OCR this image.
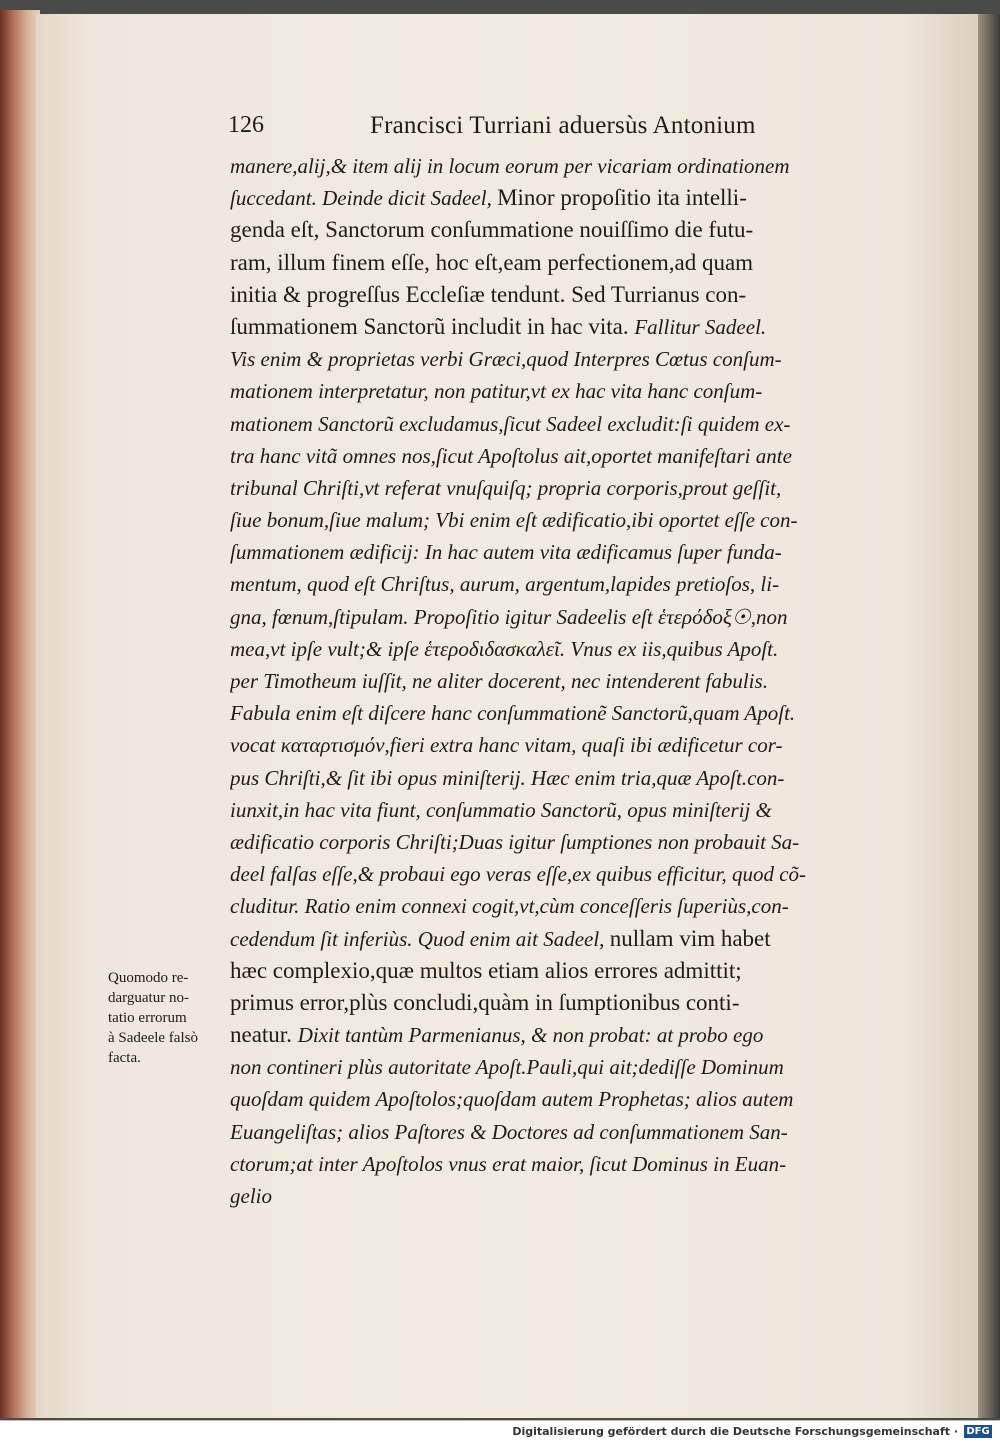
126	Francisci Turriani aduersùs Antonium
manere,alij,& item alij in locum eorum per vicariam ordinationem
ſuccedant. Deinde dicit Sadeel, Minor propoſitio ita intelli-
genda eſt, Sanctorum conſummatione nouiſſimo die futu-
ram, illum finem eſſe, hoc eſt,eam perfectionem,ad quam
initia & progreſſus Eccleſiæ tendunt. Sed Turrianus con-
ſummationem Sanctorũ includit in hac vita. Fallitur Sadeel.
Vis enim & proprietas verbi Græci,quod Interpres Cœtus conſum-
mationem interpretatur, non patitur,vt ex hac vita hanc conſum-
mationem Sanctorũ excludamus,ſicut Sadeel excludit:ſi quidem ex-
tra hanc vitã omnes nos,ſicut Apoſtolus ait,oportet manifeſtari ante
tribunal Chriſti,vt referat vnuſquiſq; propria corporis,prout geſſit,
ſiue bonum,ſiue malum; Vbi enim eſt ædificatio,ibi oportet eſſe con-
ſummationem ædificij: In hac autem vita ædificamus ſuper funda-
mentum, quod eſt Chriſtus, aurum, argentum,lapides pretioſos, li-
gna, fœnum,ſtipulam. Propoſitio igitur Sadeelis eſt ἑτερόδοξ☉,non
mea,vt ipſe vult;& ipſe ἑτεροδιδασκαλεῖ. Vnus ex iis,quibus Apoſt.
per Timotheum iuſſit, ne aliter docerent, nec intenderent fabulis.
Fabula enim eſt diſcere hanc conſummationẽ Sanctorũ,quam Apoſt.
vocat καταρτισμόν,fieri extra hanc vitam, quaſi ibi ædificetur cor-
pus Chriſti,& ſit ibi opus miniſterij. Hæc enim tria,quæ Apoſt.con-
iunxit,in hac vita fiunt, conſummatio Sanctorũ, opus miniſterij &
ædificatio corporis Chriſti;Duas igitur ſumptiones non probauit Sa-
deel falſas eſſe,& probaui ego veras eſſe,ex quibus efficitur, quod cõ-
cluditur. Ratio enim connexi cogit,vt,cùm conceſſeris ſuperiùs,con-
cedendum ſit inferiùs. Quod enim ait Sadeel, nullam vim habet
hæc complexio,quæ multos etiam alios errores admittit;
primus error,plùs concludi,quàm in ſumptionibus conti-
neatur. Dixit tantùm Parmenianus, & non probat: at probo ego
non contineri plùs autoritate Apoſt.Pauli,qui ait;dediſſe Dominum
quoſdam quidem Apoſtolos;quoſdam autem Prophetas; alios autem
Euangeliſtas; alios Paſtores & Doctores ad conſummationem San-
ctorum;at inter Apoſtolos vnus erat maior, ſicut Dominus in Euan-
gelio
Quomodo re-
darguatur no-
tatio errorum
à Sadeele falsò
facta.
Digitalisierung gefördert durch die Deutsche Forschungsgemeinschaft · DFG
